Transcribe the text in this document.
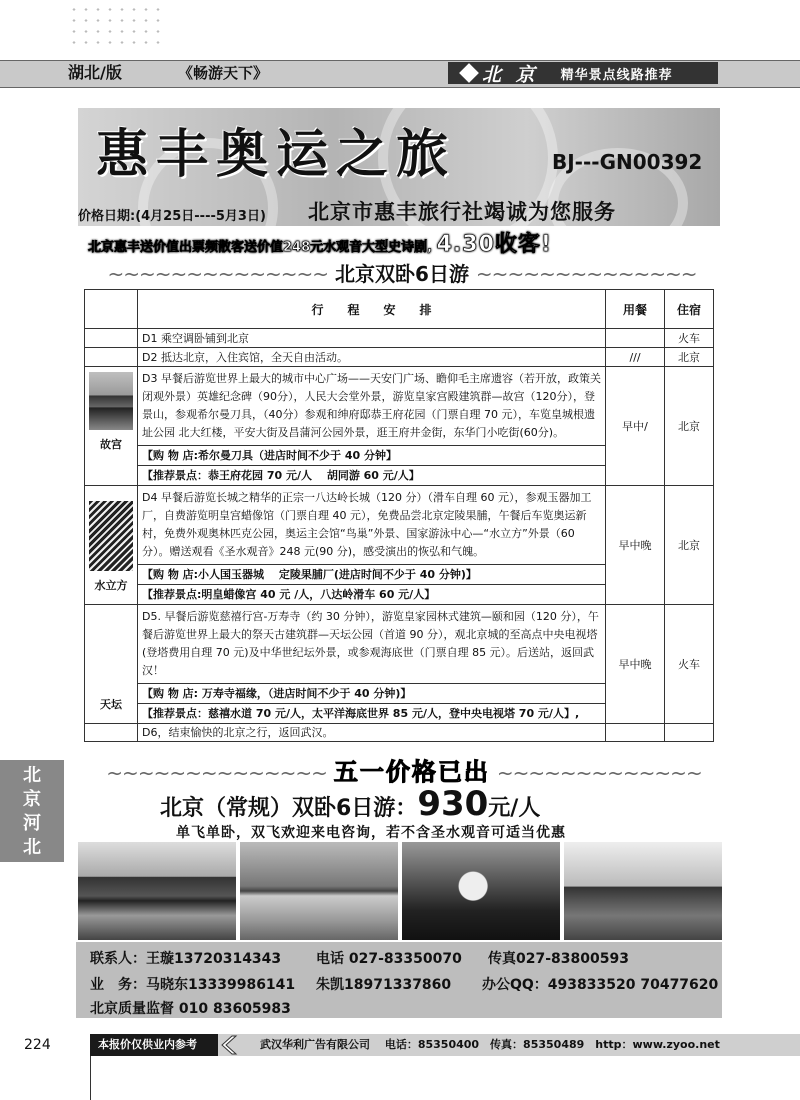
湖北/版	《畅游天下》	北 京 精华景点线路推荐
惠丰奥运之旅	BJ---GN00392
价格日期:(4月25日----5月3日) 北京市惠丰旅行社竭诚为您服务
北京惠丰送价值出票频散客送价值248元水观音大型史诗剧, 4.30收客!
~~~~~~~~~~~~~~ 北京双卧6日游 ~~~~~~~~~~~~~~
	行　　程　　安　　排	用餐	住宿
	D1 乘空调卧铺到北京		火车
	D2 抵达北京，入住宾馆，全天自由活动。	///	北京

故宫	D3 早餐后游览世界上最大的城市中心广场——天安门广场、瞻仰毛主席遗容（若开放，政策关闭观外景）英雄纪念碑（90分），人民大会堂外景，游览皇家宫殿建筑群—故宫（120分），登景山，参观希尔曼刀具，（40分）参观和绅府邸恭王府花园（门票自理 70 元），车览皇城根遗址公园 北大红楼，平安大街及昌蒲河公园外景，逛王府井金街，东华门小吃街(60分)。
【购 物 店:希尔曼刀具（进店时间不少于 40 分钟】
【推荐景点：恭王府花园 70 元/人　 胡同游 60 元/人】	早中/	北京

水立方	D4 早餐后游览长城之精华的正宗一八达岭长城（120 分）（滑车自理 60 元），参观玉器加工厂，自费游览明皇宫蜡像馆（门票自理 40 元），免费品尝北京定陵果脯，午餐后车览奥运新村，免费外观奥林匹克公园，奥运主会馆“鸟巢”外景、国家游泳中心—“水立方”外景（60分）。赠送观看《圣水观音》248 元(90 分)，感受演出的恢弘和气魄。
【购 物 店:小人国玉器城　 定陵果脯厂(进店时间不少于 40 分钟)】
【推荐景点:明皇蜡像宫 40 元 /人，八达岭滑车 60 元/人】	早中晚	北京

天坛	D5. 早餐后游览慈禧行宫-万寿寺（约 30 分钟），游览皇家园林式建筑—颐和园（120 分），午餐后游览世界上最大的祭天古建筑群—天坛公园（首道 90 分），观北京城的至高点中央电视塔(登塔费用自理 70 元)及中华世纪坛外景，或参观海底世（门票自理 85 元）。后送站，返回武汉！
【购 物 店: 万寿寺福缘，（进店时间不少于 40 分钟)】
【推荐景点：慈禧水道 70 元/人，太平洋海底世界 85 元/人，登中央电视塔 70 元/人】,	早中晚	火车
	D6，结束愉快的北京之行，返回武汉。		
北
京
河
北
~~~~~~~~~~~~~~ 五一价格已出 ~~~~~~~~~~~~~
北京（常规）双卧6日游：930元/人
单飞单卧，双飞欢迎来电咨询，若不含圣水观音可适当优惠
联系人：王璇13720314343 电话 027-83350070 传真027-83800593
业　务：马晓东13339986141 朱凯18971337860 办公QQ：493833520 70477620
北京质量监督 010 83605983
224	本报价仅供业内参考	武汉华利广告有限公司　 电话：85350400　传真：85350489　http：www.zyoo.net
